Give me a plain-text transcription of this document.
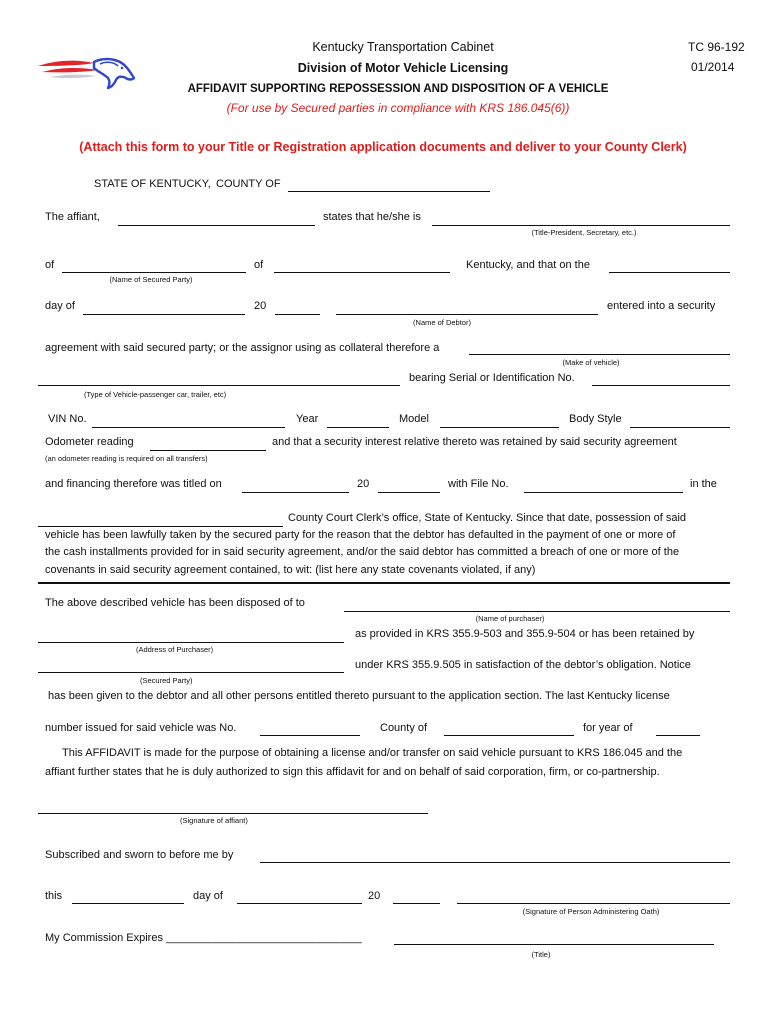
Kentucky Transportation Cabinet
Division of Motor Vehicle Licensing
AFFIDAVIT SUPPORTING REPOSSESSION AND DISPOSITION OF A VEHICLE
(For use by Secured parties in compliance with KRS 186.045(6))
TC 96-192
01/2014
(Attach this form to your Title or Registration application documents and deliver to your County Clerk)
STATE OF KENTUCKY, COUNTY OF
The affiant,	states that he/she is
(Title-President, Secretary, etc.)
of
(Name of Secured Party)
of	Kentucky, and that on the
day of	20
(Name of Debtor)
entered into a security
agreement with said secured party; or the assignor using as collateral therefore a
(Make of vehicle)
(Type of Vehicle-passenger car, trailer, etc)
bearing Serial or Identification No.
VIN No.	Year	Model	Body Style
Odometer reading	and that a security interest relative thereto was retained by said security agreement
(an odometer reading is required on all transfers)
and financing therefore was titled on	20	with File No.	in the
County Court Clerk’s office, State of Kentucky. Since that date, possession of said
vehicle has been lawfully taken by the secured party for the reason that the debtor has defaulted in the payment of one or more of
the cash installments provided for in said security agreement, and/or the said debtor has committed a breach of one or more of the
covenants in said security agreement contained, to wit: (list here any state covenants violated, if any)
The above described vehicle has been disposed of to
(Name of purchaser)
(Address of Purchaser)
as provided in KRS 355.9-503 and 355.9-504 or has been retained by
(Secured Party)
under KRS 355.9.505 in satisfaction of the debtor’s obligation. Notice
has been given to the debtor and all other persons entitled thereto pursuant to the application section. The last Kentucky license
number issued for said vehicle was No.	County of	for year of
This AFFIDAVIT is made for the purpose of obtaining a license and/or transfer on said vehicle pursuant to KRS 186.045 and the
affiant further states that he is duly authorized to sign this affidavit for and on behalf of said corporation, firm, or co-partnership.
(Signature of affiant)
Subscribed and sworn to before me by
this	day of	20
(Signature of Person Administering Oath)
My Commission Expires ________________________________
(Title)
